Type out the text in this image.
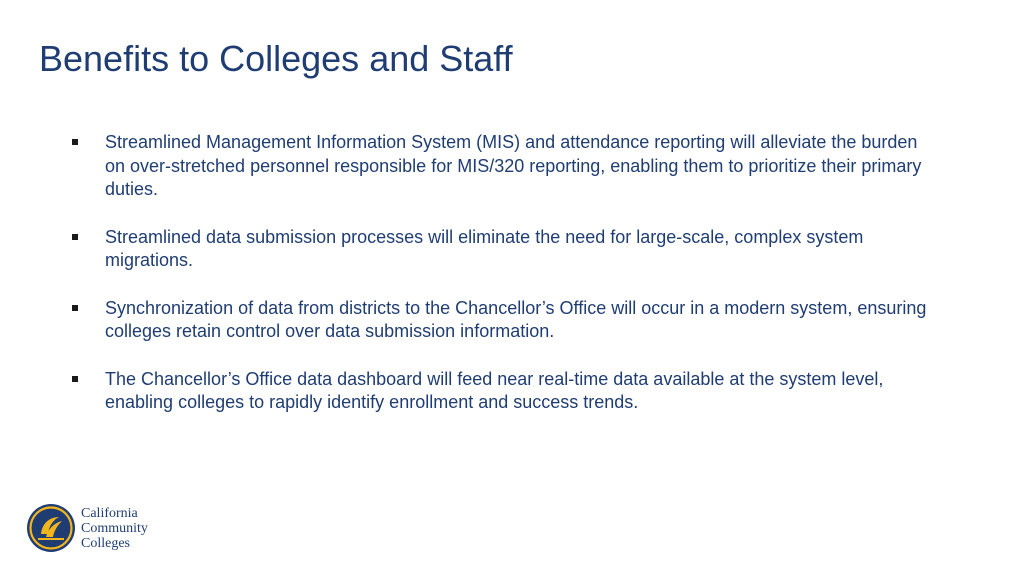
Benefits to Colleges and Staff
Streamlined Management Information System (MIS) and attendance reporting will alleviate the burden on over-stretched personnel responsible for MIS/320 reporting, enabling them to prioritize their primary duties.
Streamlined data submission processes will eliminate the need for large-scale, complex system migrations.
Synchronization of data from districts to the Chancellor’s Office will occur in a modern system, ensuring colleges retain control over data submission information.
The Chancellor’s Office data dashboard will feed near real-time data available at the system level, enabling colleges to rapidly identify enrollment and success trends.
California
Community
Colleges
